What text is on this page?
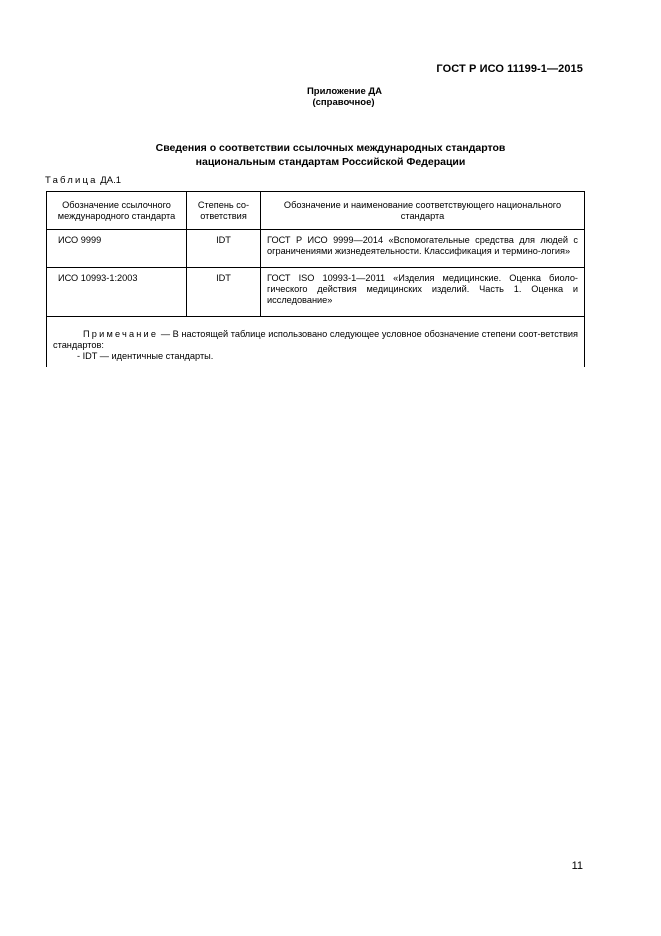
ГОСТ Р ИСО 11199-1—2015
Приложение ДА
(справочное)
Сведения о соответствии ссылочных международных стандартов
национальным стандартам Российской Федерации
Таблица ДА.1
Обозначение ссылочного международного стандарта	Степень со-ответствия	Обозначение и наименование соответствующего национального стандарта
ИСО 9999	IDT	ГОСТ Р ИСО 9999—2014 «Вспомогательные средства для людей с ограничениями жизнедеятельности. Классификация и термино-логия»
ИСО 10993-1:2003	IDT	ГОСТ ISO 10993-1—2011 «Изделия медицинские. Оценка биоло-гического действия медицинских изделий. Часть 1. Оценка и исследование»

Примечание — В настоящей таблице использовано следующее условное обозначение степени соот-ветствия стандартов:
- IDT — идентичные стандарты.		
11
